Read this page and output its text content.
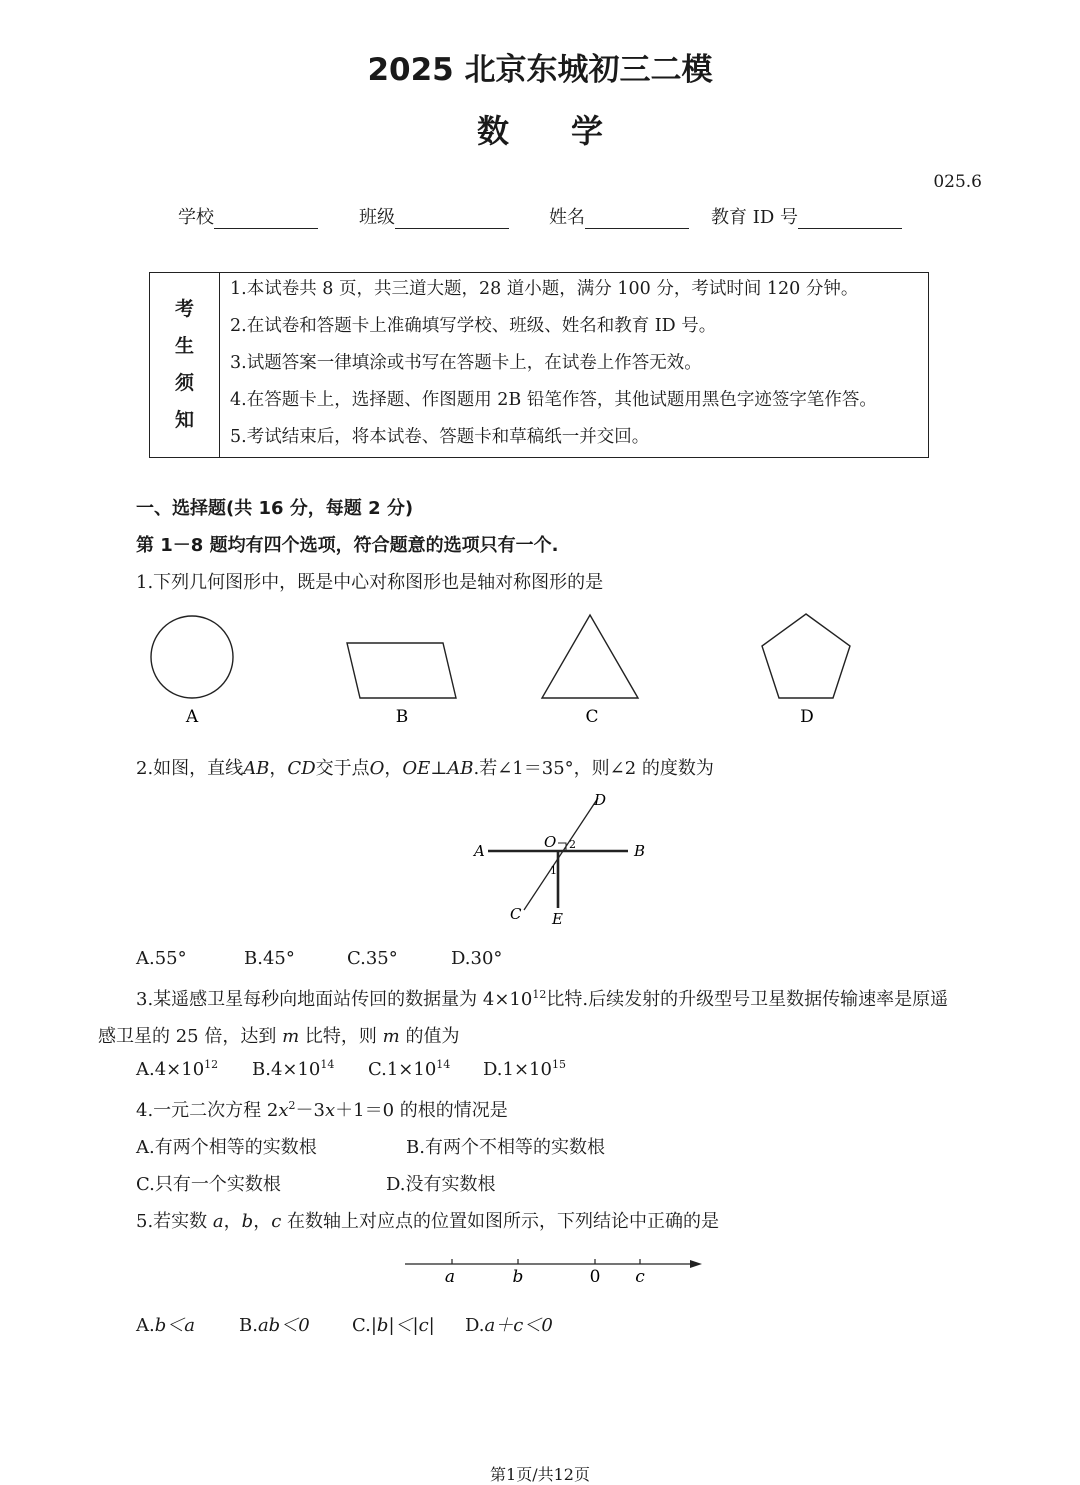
2025 北京东城初三二模
数学
025.6
学校	班级	姓名	教育 ID 号
考
生
须
知
1.本试卷共 8 页，共三道大题，28 道小题，满分 100 分，考试时间 120 分钟。
2.在试卷和答题卡上准确填写学校、班级、姓名和教育 ID 号。
3.试题答案一律填涂或书写在答题卡上，在试卷上作答无效。
4.在答题卡上，选择题、作图题用 2B 铅笔作答，其他试题用黑色字迹签字笔作答。
5.考试结束后，将本试卷、答题卡和草稿纸一并交回。
一、选择题(共 16 分，每题 2 分)
第 1－8 题均有四个选项，符合题意的选项只有一个.
1.下列几何图形中，既是中心对称图形也是轴对称图形的是
A	B	C	D
2.如图，直线AB，CD交于点O，OE⊥AB.若∠1＝35°，则∠2 的度数为
A	B
D
C E
O
1
2
A.55°	B.45°	C.35°	D.30°
3.某遥感卫星每秒向地面站传回的数据量为 $4\times 10^{12}$比特.后续发射的升级型号卫星数据传输速率是原遥
感卫星的 25 倍，达到 m 比特，则 m 的值为
$A.4\times 10^{12}$ $B.4\times 10^{14}$ $C.1\times 10^{14}$ $D.1\times 10^{15}$
4.一元二次方程 $2x^2-3x+1=0$ 的根的情况是
A.有两个相等的实数根	B.有两个不相等的实数根
C.只有一个实数根	D.没有实数根
5.若实数 a，b，c 在数轴上对应点的位置如图所示，下列结论中正确的是
a	b	0 c
A.b＜a B.ab＜0 C.|b|＜|c| D.a＋c＜0
第1页/共12页
